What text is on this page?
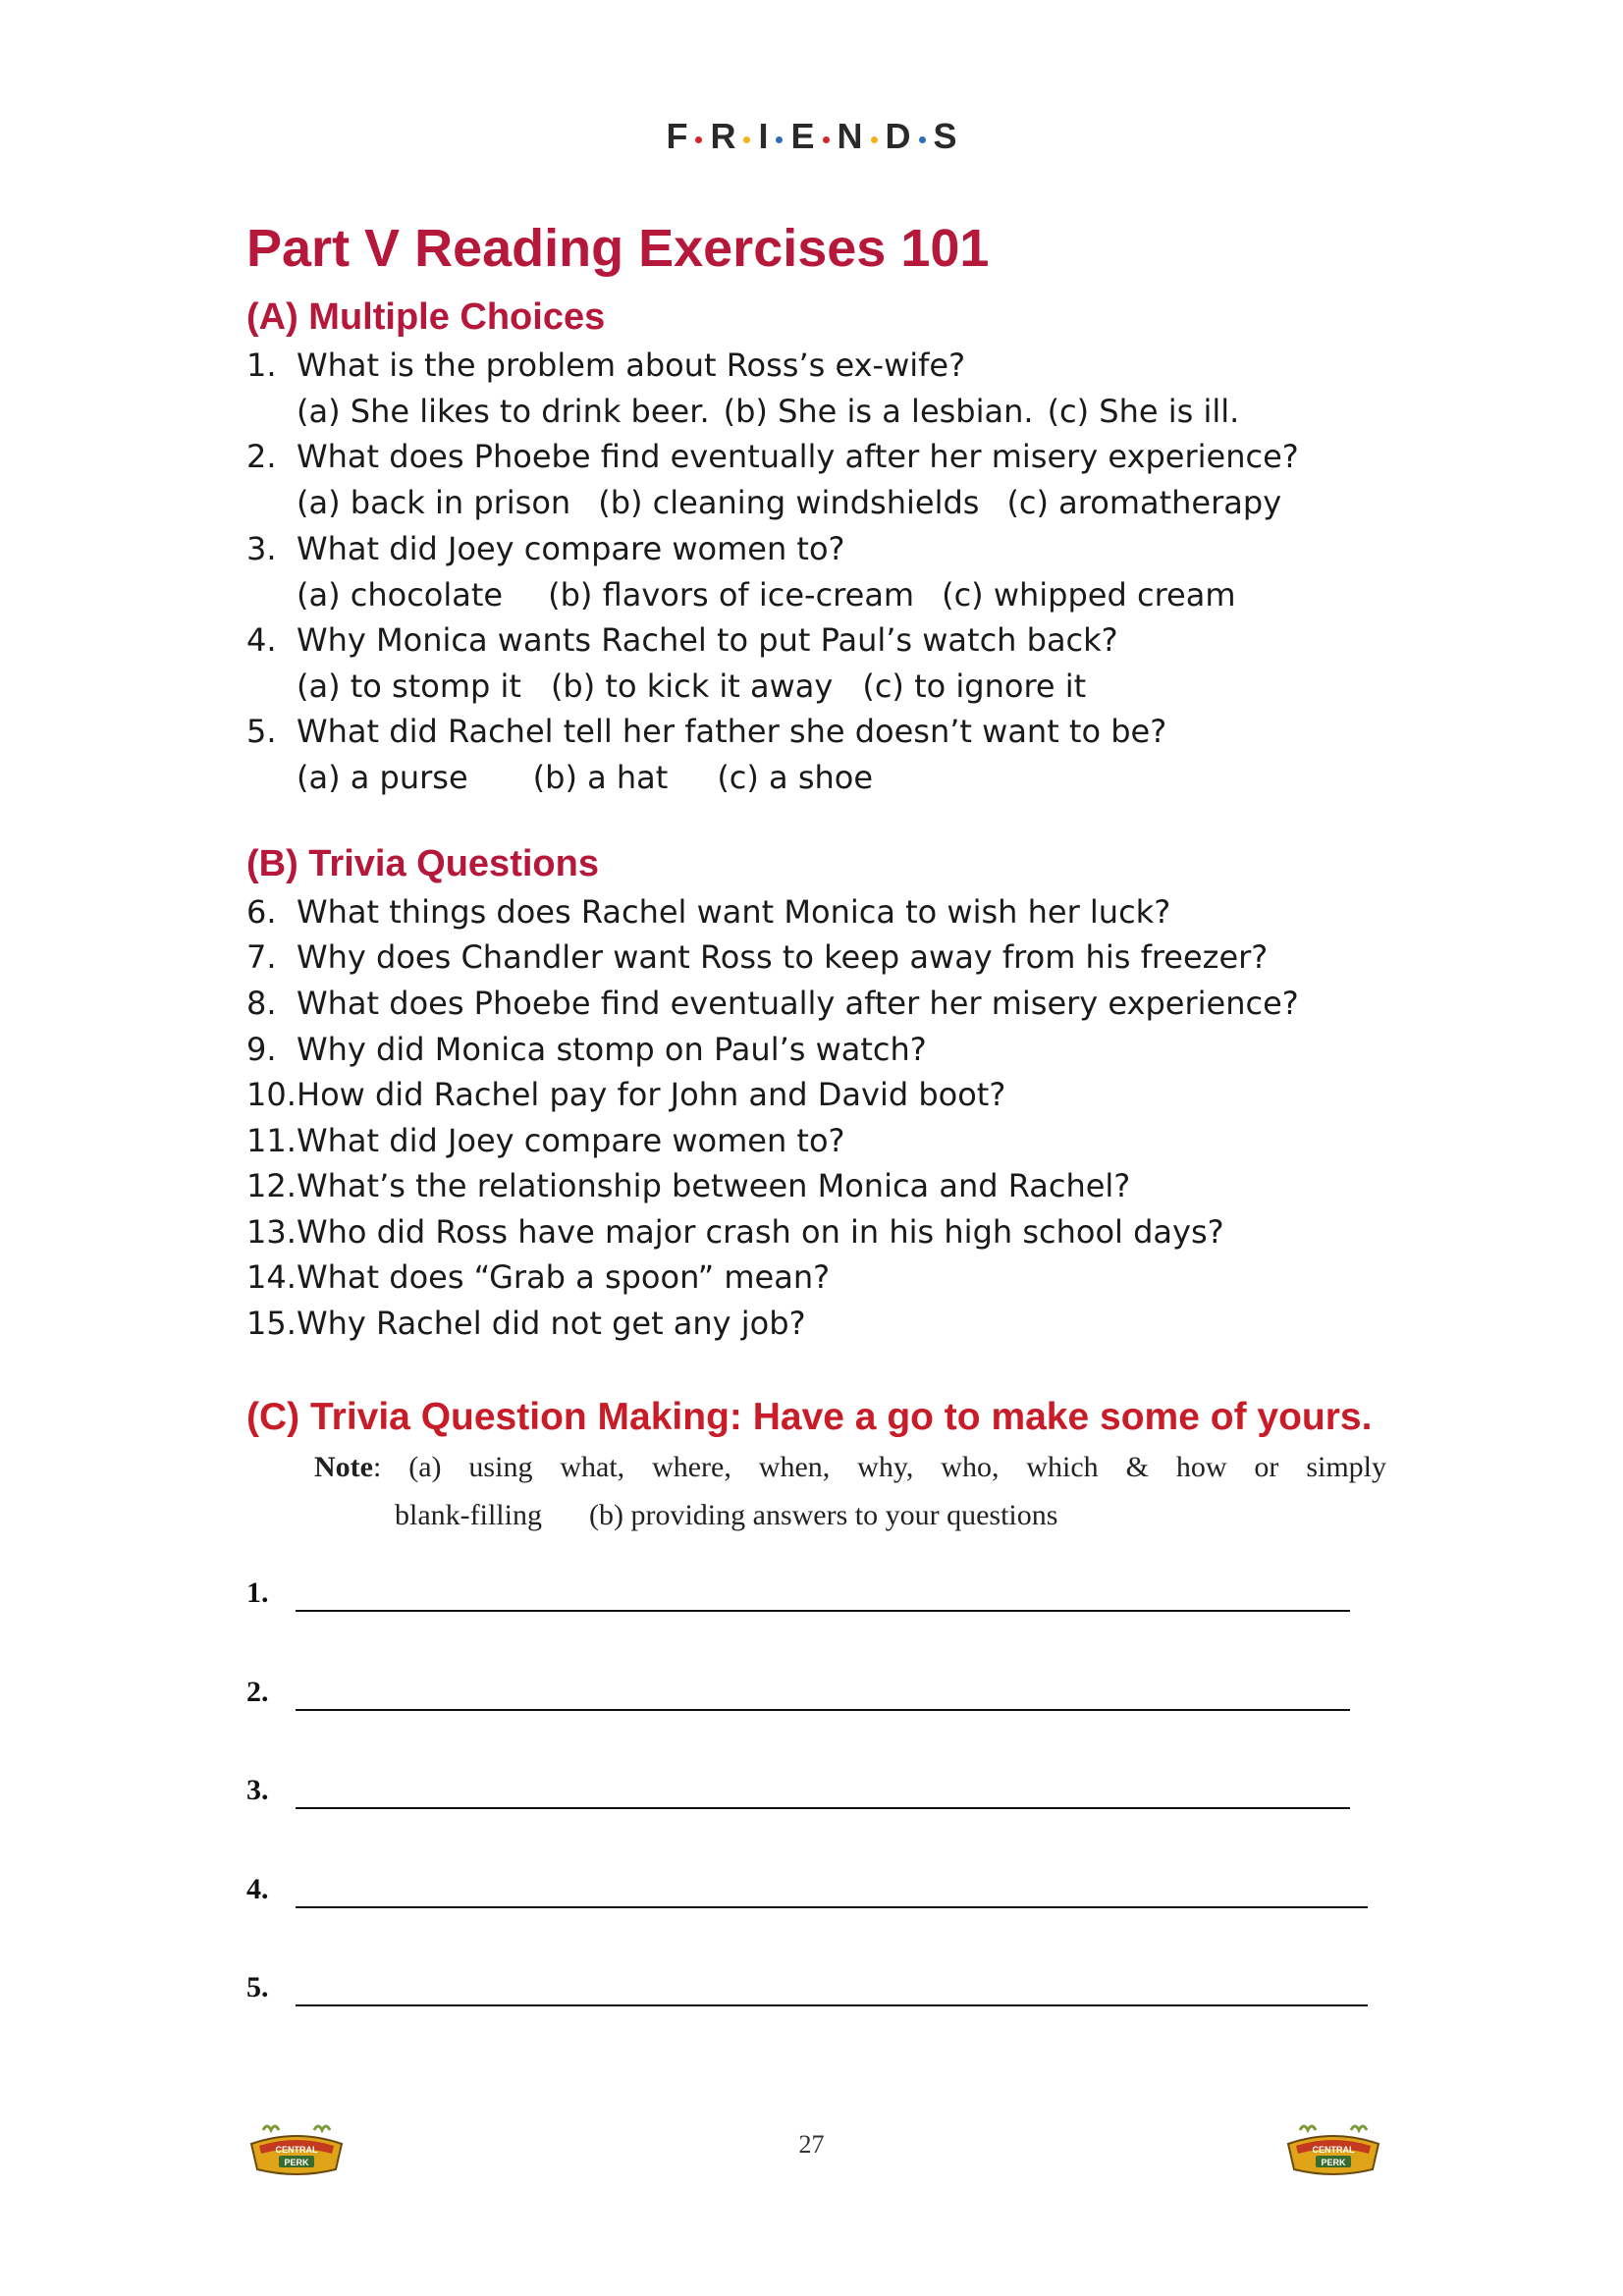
F R I E N D S
Part V Reading Exercises 101
(A) Multiple Choices
1. What is the problem about Ross’s ex-wife?
(a) She likes to drink beer. (b) She is a lesbian. (c) She is ill.
2. What does Phoebe find eventually after her misery experience?
(a) back in prison (b) cleaning windshields (c) aromatherapy
3. What did Joey compare women to?
(a) chocolate (b) flavors of ice-cream (c) whipped cream
4. Why Monica wants Rachel to put Paul’s watch back?
(a) to stomp it (b) to kick it away (c) to ignore it
5. What did Rachel tell her father she doesn’t want to be?
(a) a purse (b) a hat (c) a shoe
(B) Trivia Questions
6. What things does Rachel want Monica to wish her luck?
7. Why does Chandler want Ross to keep away from his freezer?
8. What does Phoebe find eventually after her misery experience?
9. Why did Monica stomp on Paul’s watch?
10. How did Rachel pay for John and David boot?
11. What did Joey compare women to?
12. What’s the relationship between Monica and Rachel?
13. Who did Ross have major crash on in his high school days?
14. What does “Grab a spoon” mean?
15. Why Rachel did not get any job?
(C) Trivia Question Making: Have a go to make some of yours.
Note: (a) using what, where, when, why, who, which & how or simply
blank-filling (b) providing answers to your questions
1.
2.
3.
4.
5.
27
CENTRAL
PERK
CENTRAL
PERK
